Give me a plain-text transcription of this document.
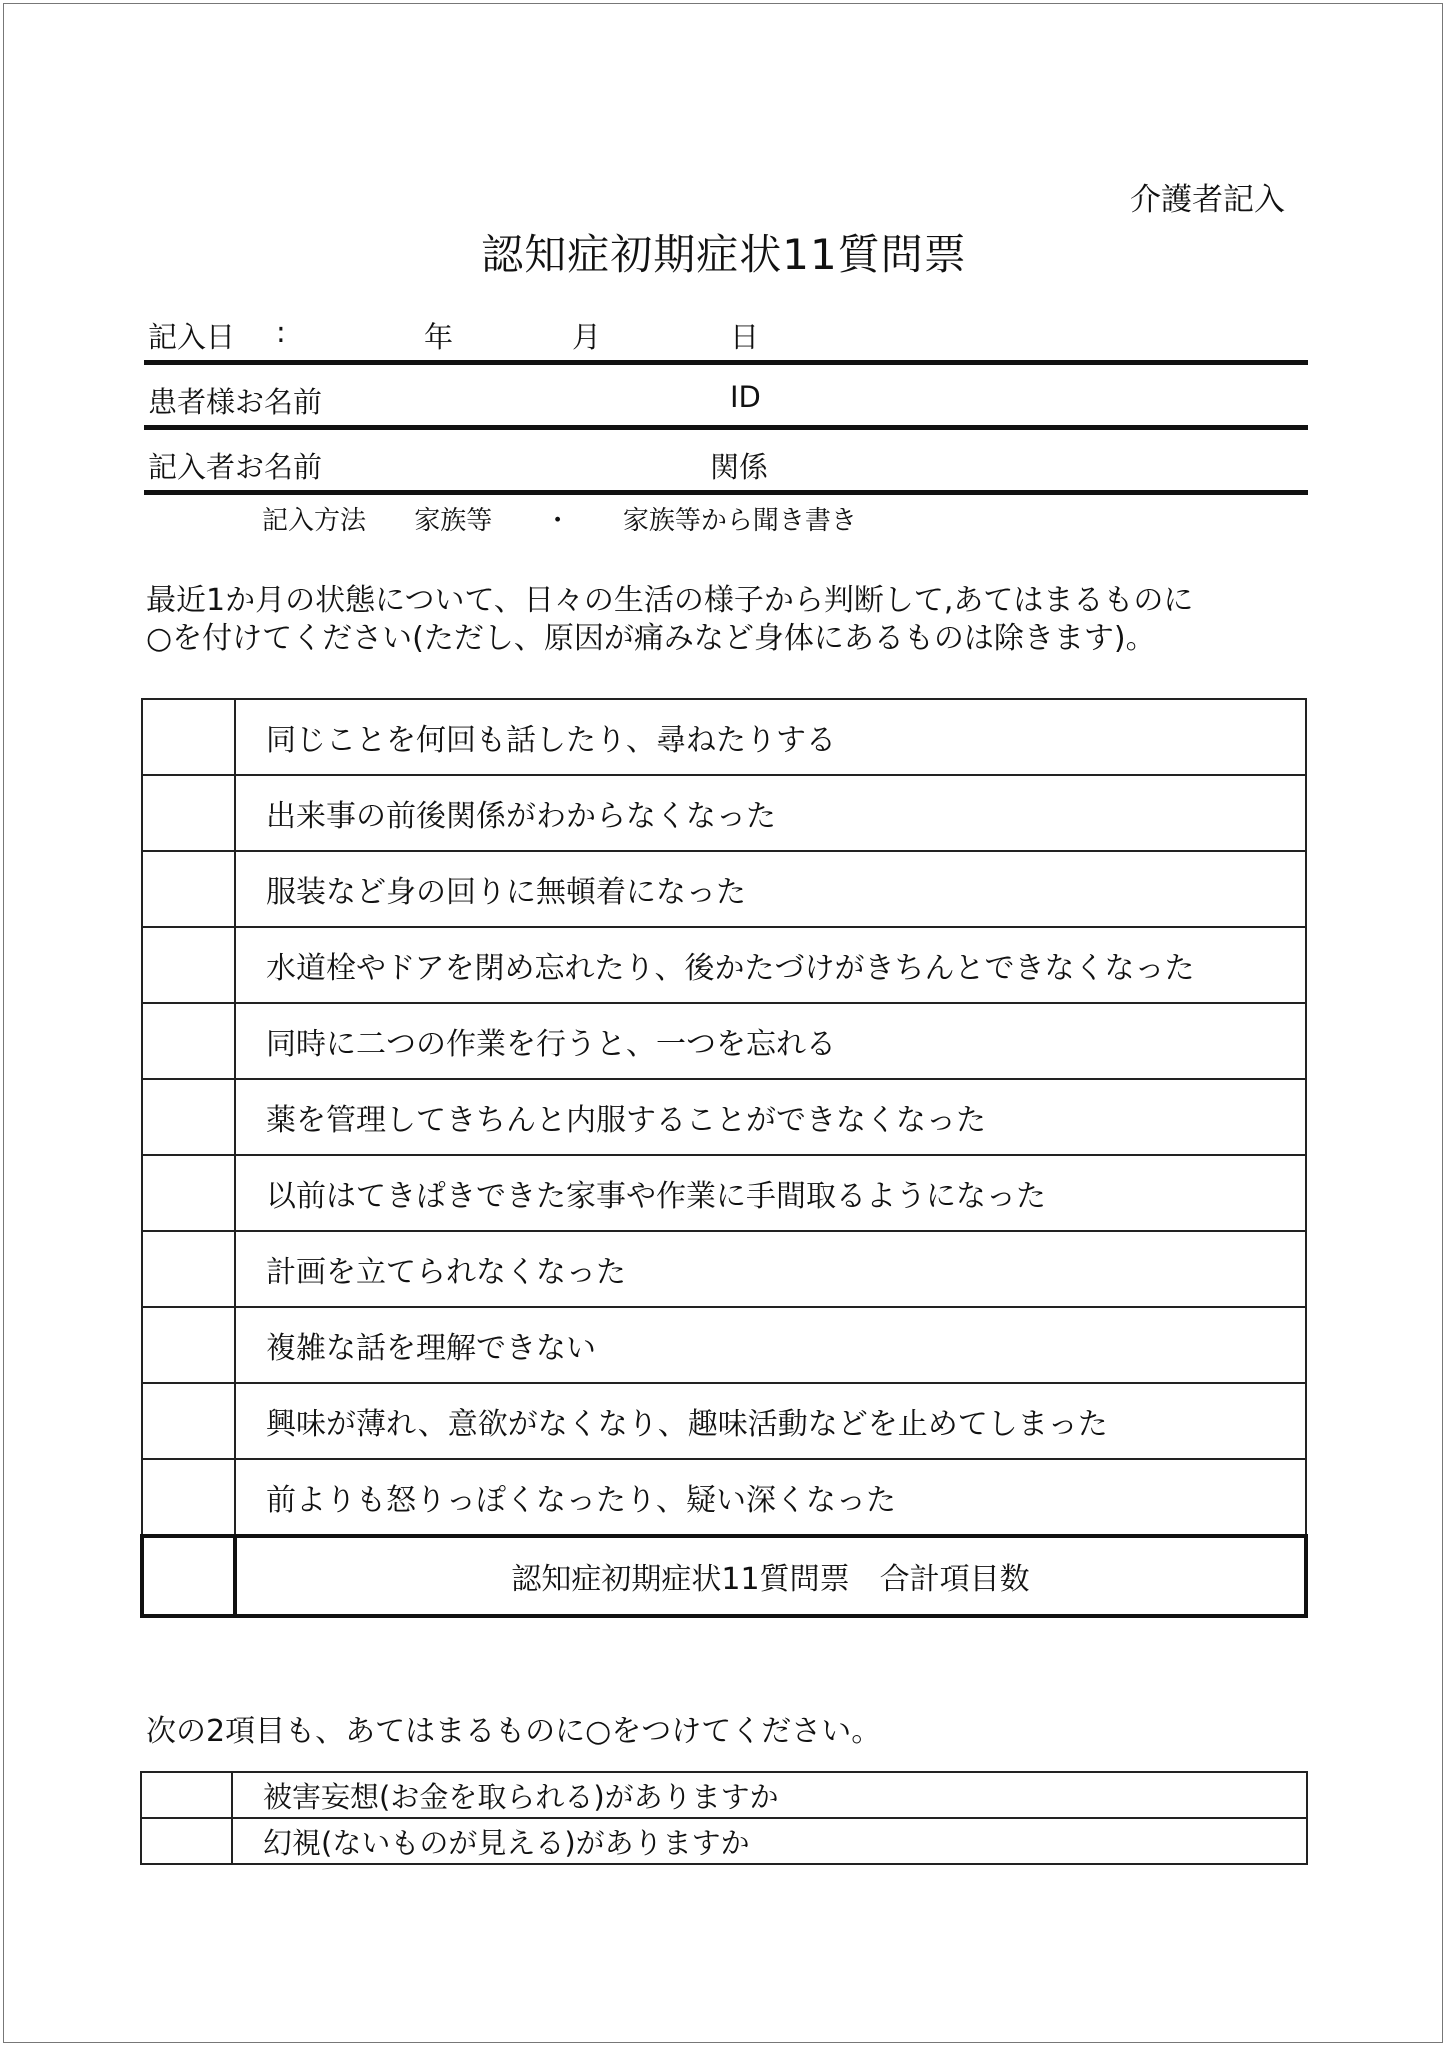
介護者記入
認知症初期症状11質問票
記入日 :	年	月	日
患者様お名前	ID
記入者お名前	関係
記入方法 家族等 ・ 家族等から聞き書き
最近1か月の状態について、日々の生活の様子から判断して,あてはまるものに
○を付けてください(ただし、原因が痛みなど身体にあるものは除きます)。
	同じことを何回も話したり、尋ねたりする
	出来事の前後関係がわからなくなった
	服装など身の回りに無頓着になった
	水道栓やドアを閉め忘れたり、後かたづけがきちんとできなくなった
	同時に二つの作業を行うと、一つを忘れる
	薬を管理してきちんと内服することができなくなった
	以前はてきぱきできた家事や作業に手間取るようになった
	計画を立てられなくなった
	複雑な話を理解できない
	興味が薄れ、意欲がなくなり、趣味活動などを止めてしまった
	前よりも怒りっぽくなったり、疑い深くなった
	認知症初期症状11質問票　合計項目数
次の2項目も、あてはまるものに○をつけてください。
	被害妄想(お金を取られる)がありますか
	幻視(ないものが見える)がありますか
